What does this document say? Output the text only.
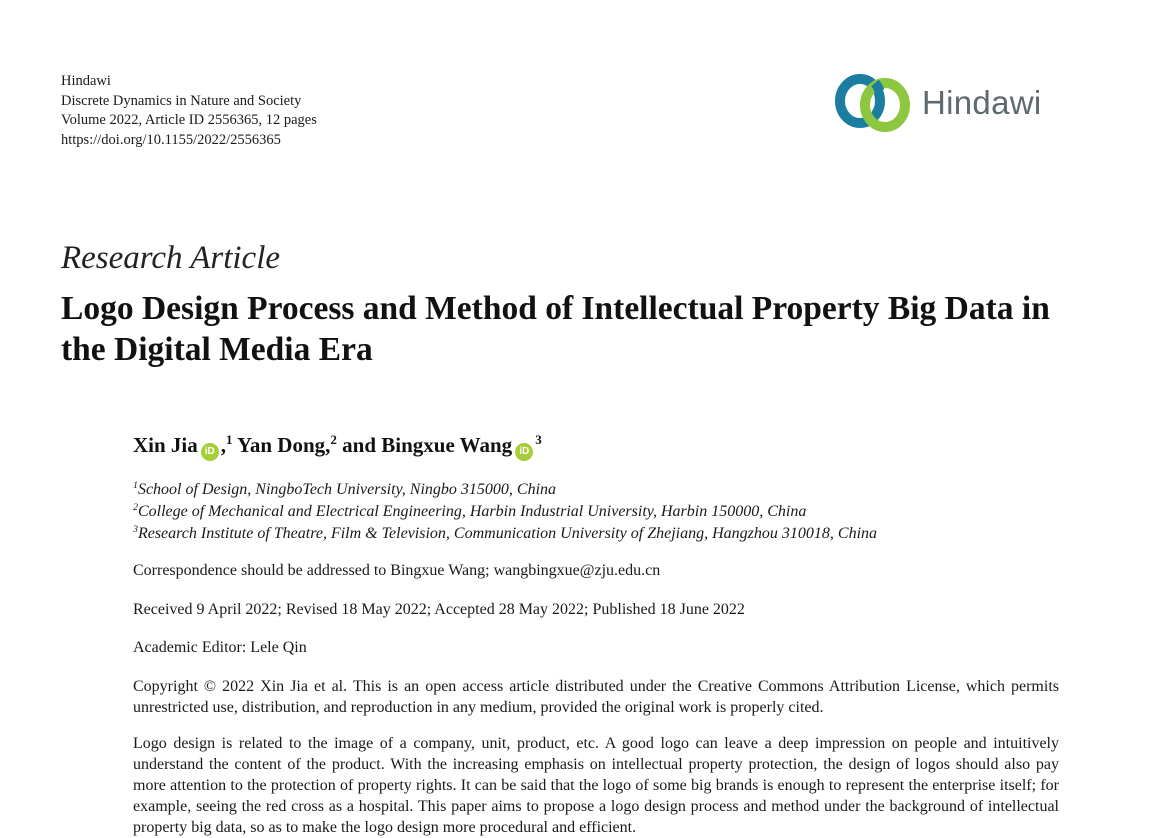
Hindawi
Discrete Dynamics in Nature and Society
Volume 2022, Article ID 2556365, 12 pages
https://doi.org/10.1155/2022/2556365
Hindawi
Research Article
Logo Design Process and Method of Intellectual Property Big Data in the Digital Media Era
Xin Jia iD ,$^1$ Yan Dong,$^2$ and Bingxue Wang $iD^3$
$^1$School of Design, NingboTech University, Ningbo 315000, China
$^2$College of Mechanical and Electrical Engineering, Harbin Industrial University, Harbin 150000, China
$^3$Research Institute of Theatre, Film & Television, Communication University of Zhejiang, Hangzhou 310018, China
Correspondence should be addressed to Bingxue Wang; wangbingxue@zju.edu.cn
Received 9 April 2022; Revised 18 May 2022; Accepted 28 May 2022; Published 18 June 2022
Academic Editor: Lele Qin

Copyright © 2022 Xin Jia et al. This is an open access article distributed under the Creative Commons Attribution License, which permits unrestricted use, distribution, and reproduction in any medium, provided the original work is properly cited.

Logo design is related to the image of a company, unit, product, etc. A good logo can leave a deep impression on people and intuitively understand the content of the product. With the increasing emphasis on intellectual property protection, the design of logos should also pay more attention to the protection of property rights. It can be said that the logo of some big brands is enough to represent the enterprise itself; for example, seeing the red cross as a hospital. This paper aims to propose a logo design process and method under the background of intellectual property big data, so as to make the logo design more procedural and efficient.
